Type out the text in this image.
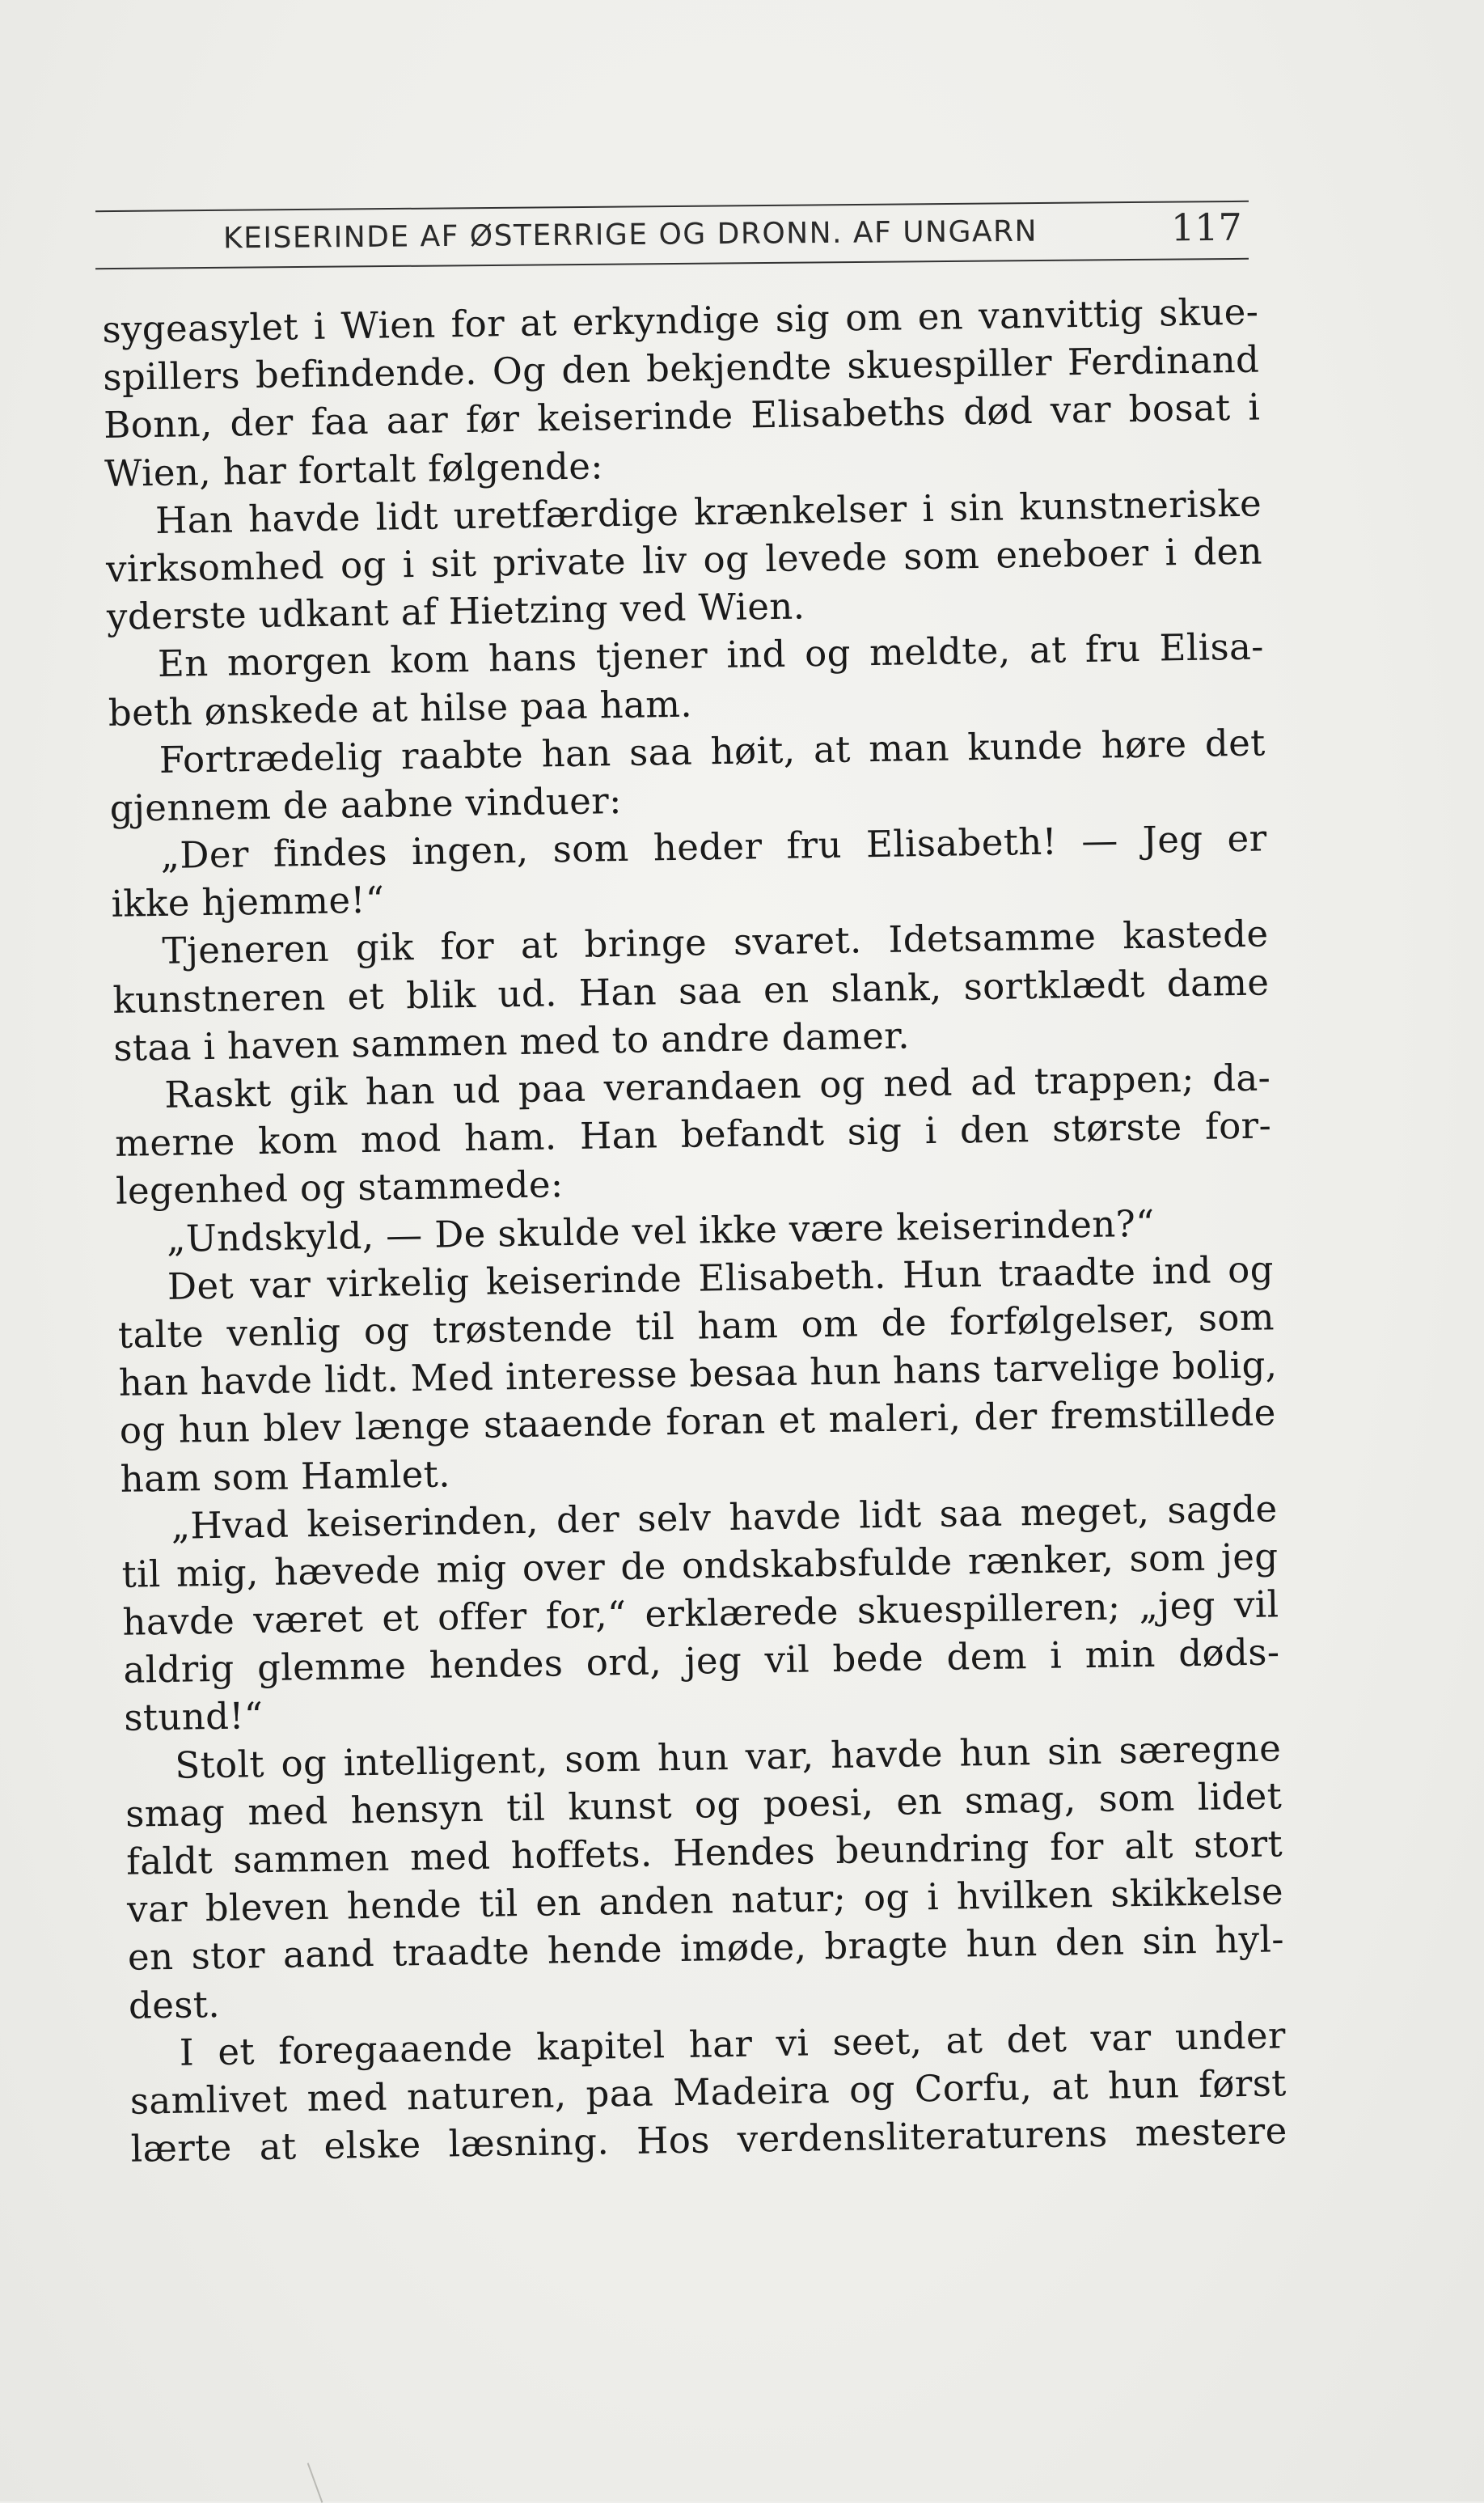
KEISERINDE AF ØSTERRIGE OG DRONN. AF UNGARN	117
sygeasylet i Wien for at erkyndige sig om en vanvittig skue-
spillers befindende. Og den bekjendte skuespiller Ferdinand
Bonn, der faa aar før keiserinde Elisabeths død var bosat i
Wien, har fortalt følgende:
Han havde lidt uretfærdige krænkelser i sin kunstneriske
virksomhed og i sit private liv og levede som eneboer i den
yderste udkant af Hietzing ved Wien.
En morgen kom hans tjener ind og meldte, at fru Elisa-
beth ønskede at hilse paa ham.
Fortrædelig raabte han saa høit, at man kunde høre det
gjennem de aabne vinduer:
„Der findes ingen, som heder fru Elisabeth! — Jeg er
ikke hjemme!“
Tjeneren gik for at bringe svaret. Idetsamme kastede
kunstneren et blik ud. Han saa en slank, sortklædt dame
staa i haven sammen med to andre damer.
Raskt gik han ud paa verandaen og ned ad trappen; da-
merne kom mod ham. Han befandt sig i den største for-
legenhed og stammede:
„Undskyld, — De skulde vel ikke være keiserinden?“
Det var virkelig keiserinde Elisabeth. Hun traadte ind og
talte venlig og trøstende til ham om de forfølgelser, som
han havde lidt. Med interesse besaa hun hans tarvelige bolig,
og hun blev længe staaende foran et maleri, der fremstillede
ham som Hamlet.
„Hvad keiserinden, der selv havde lidt saa meget, sagde
til mig, hævede mig over de ondskabsfulde rænker, som jeg
havde været et offer for,“ erklærede skuespilleren; „jeg vil
aldrig glemme hendes ord, jeg vil bede dem i min døds-
stund!“
Stolt og intelligent, som hun var, havde hun sin særegne
smag med hensyn til kunst og poesi, en smag, som lidet
faldt sammen med hoffets. Hendes beundring for alt stort
var bleven hende til en anden natur; og i hvilken skikkelse
en stor aand traadte hende imøde, bragte hun den sin hyl-
dest.
I et foregaaende kapitel har vi seet, at det var under
samlivet med naturen, paa Madeira og Corfu, at hun først
lærte at elske læsning. Hos verdensliteraturens mestere
